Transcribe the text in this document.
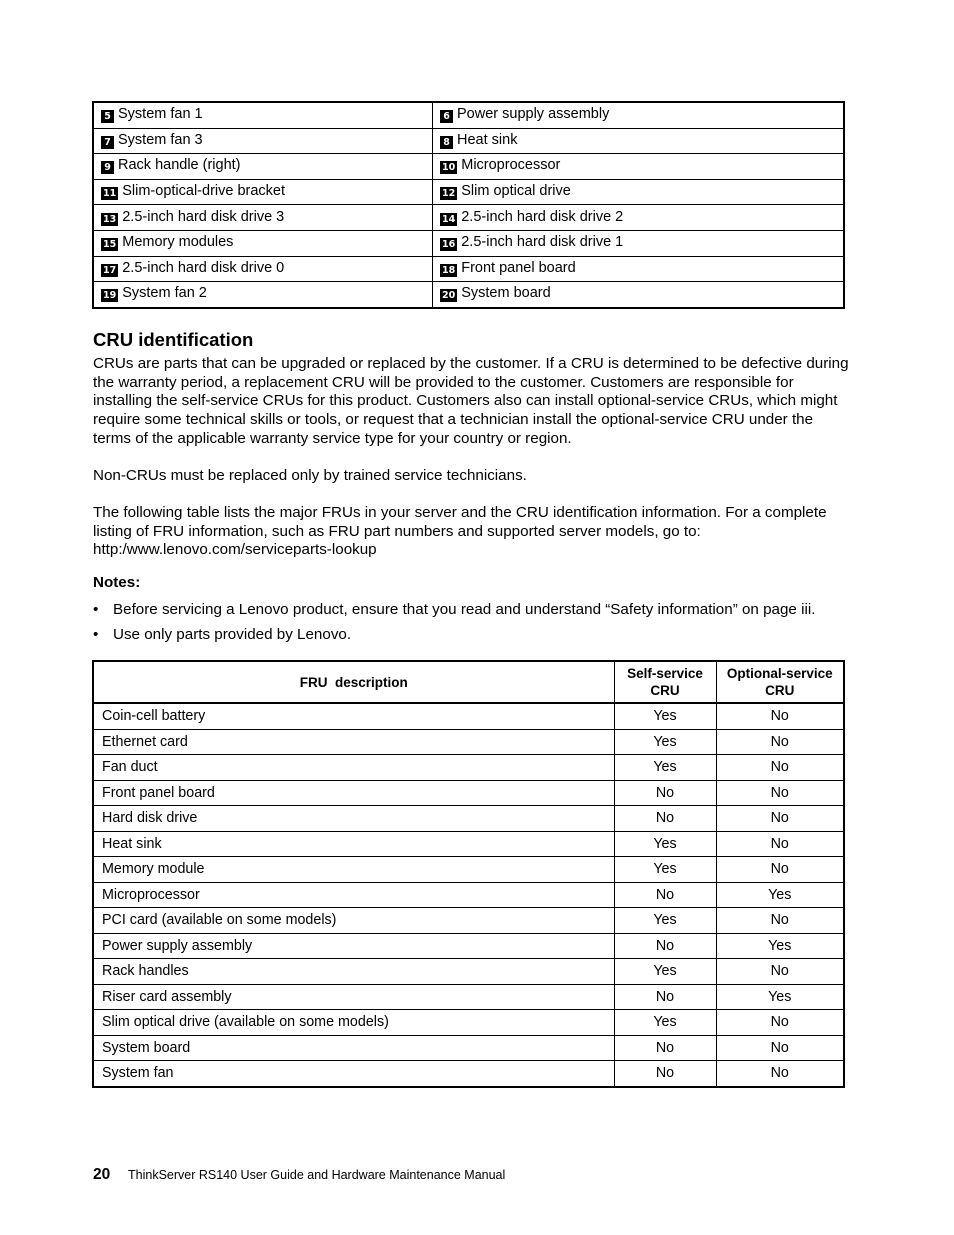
5 System fan 1	6 Power supply assembly
7 System fan 3	8 Heat sink
9 Rack handle (right)	10 Microprocessor
11 Slim-optical-drive bracket	12 Slim optical drive
13 2.5-inch hard disk drive 3	14 2.5-inch hard disk drive 2
15 Memory modules	16 2.5-inch hard disk drive 1
17 2.5-inch hard disk drive 0	18 Front panel board
19 System fan 2	20 System board
CRU identification

CRUs are parts that can be upgraded or replaced by the customer. If a CRU is determined to be defective during the warranty period, a replacement CRU will be provided to the customer. Customers are responsible for installing the self-service CRUs for this product. Customers also can install optional-service CRUs, which might require some technical skills or tools, or request that a technician install the optional-service CRU under the terms of the applicable warranty service type for your country or region.

Non-CRUs must be replaced only by trained service technicians.

The following table lists the major FRUs in your server and the CRU identification information. For a complete listing of FRU information, such as FRU part numbers and supported server models, go to: http:/www.lenovo.com/serviceparts-lookup

Notes:

• Before servicing a Lenovo product, ensure that you read and understand “Safety information” on page iii.
• Use only parts provided by Lenovo.
FRU  description	Self-service CRU	Optional-service CRU
Coin-cell battery	Yes	No
Ethernet card	Yes	No
Fan duct	Yes	No
Front panel board	No	No
Hard disk drive	No	No
Heat sink	Yes	No
Memory module	Yes	No
Microprocessor	No	Yes
PCI card (available on some models)	Yes	No
Power supply assembly	No	Yes
Rack handles	Yes	No
Riser card assembly	No	Yes
Slim optical drive (available on some models)	Yes	No
System board	No	No
System fan	No	No
20 ThinkServer RS140 User Guide and Hardware Maintenance Manual
